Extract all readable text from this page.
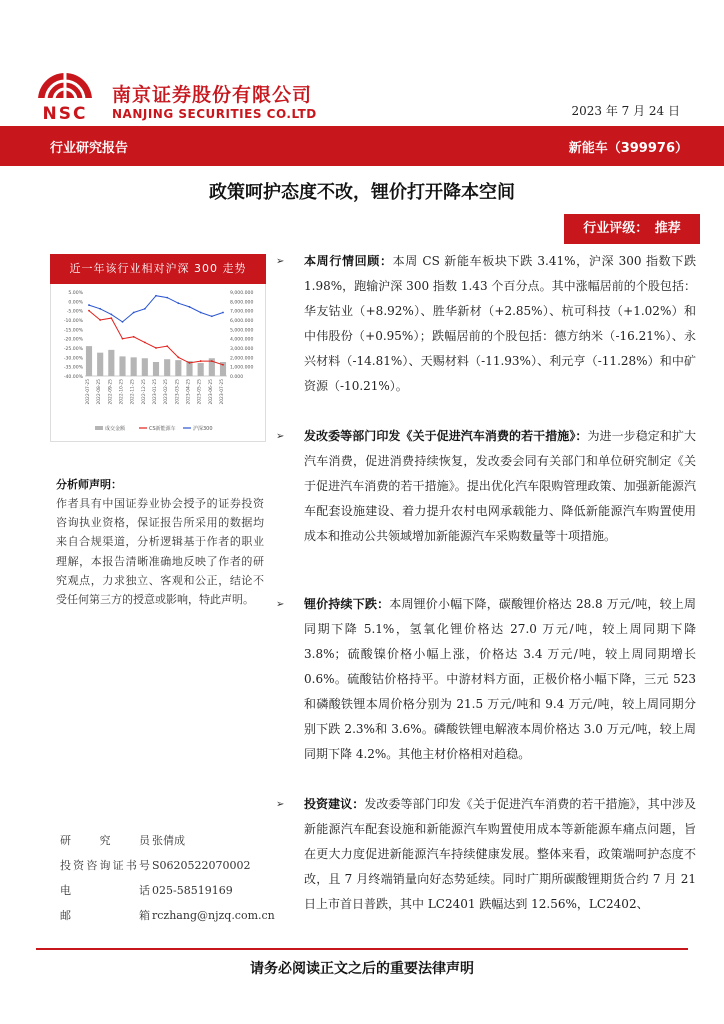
NSC
南京证券股份有限公司
NANJING SECURITIES CO.LTD	2023 年 7 月 24 日
行业研究报告	新能车（399976）
政策呵护态度不改，锂价打开降本空间
行业评级：　推荐
近一年该行业相对沪深 300 走势
5.00%
0.00%
-5.00%
-10.00%
-15.00%
-20.00%
-25.00%
-30.00%
-35.00%
-40.00%
9,000.000
8,000.000
7,000.000
6,000.000
5,000.000
4,000.000
3,000.000
2,000.000
1,000.000
0.000
2022-07-25 2022-08-25 2022-09-25 2022-10-25 2022-11-25 2022-12-25 2023-01-25 2023-02-25 2023-03-25 2023-04-25 2023-05-25 2023-06-25 2023-07-25
成交金额	CS新能源车	沪深300
分析师声明：
作者具有中国证券业协会授予的证券投资咨询执业资格，保证报告所采用的数据均来自合规渠道，分析逻辑基于作者的职业理解，本报告清晰准确地反映了作者的研究观点，力求独立、客观和公正，结论不受任何第三方的授意或影响，特此声明。
研　究　员 张倩成
投资咨询证书号 S0620522070002
电　　话 025-58519169
邮　　箱 rczhang@njzq.com.cn
➢	本周行情回顾：本周 CS 新能车板块下跌 3.41%，沪深 300 指数下跌 1.98%，跑输沪深 300 指数 1.43 个百分点。其中涨幅居前的个股包括：华友钴业（+8.92%）、胜华新材（+2.85%）、杭可科技（+1.02%）和中伟股份（+0.95%）；跌幅居前的个股包括：德方纳米（-16.21%）、永兴材料（-14.81%）、天赐材料（-11.93%）、利元亨（-11.28%）和中矿资源（-10.21%）。
➢	发改委等部门印发《关于促进汽车消费的若干措施》：为进一步稳定和扩大汽车消费，促进消费持续恢复，发改委会同有关部门和单位研究制定《关于促进汽车消费的若干措施》。提出优化汽车限购管理政策、加强新能源汽车配套设施建设、着力提升农村电网承载能力、降低新能源汽车购置使用成本和推动公共领域增加新能源汽车采购数量等十项措施。
➢	锂价持续下跌：本周锂价小幅下降，碳酸锂价格达 28.8 万元/吨，较上周同期下降 5.1%，氢氧化锂价格达 27.0 万元/吨，较上周同期下降 3.8%；硫酸镍价格小幅上涨，价格达 3.4 万元/吨，较上周同期增长 0.6%。硫酸钴价格持平。中游材料方面，正极价格小幅下降，三元 523 和磷酸铁锂本周价格分别为 21.5 万元/吨和 9.4 万元/吨，较上周同期分别下跌 2.3%和 3.6%。磷酸铁锂电解液本周价格达 3.0 万元/吨，较上周同期下降 4.2%。其他主材价格相对趋稳。
➢	投资建议：发改委等部门印发《关于促进汽车消费的若干措施》，其中涉及新能源汽车配套设施和新能源汽车购置使用成本等新能源车痛点问题，旨在更大力度促进新能源汽车持续健康发展。整体来看，政策端呵护态度不改，且 7 月终端销量向好态势延续。同时广期所碳酸锂期货合约 7 月 21 日上市首日普跌，其中 LC2401 跌幅达到 12.56%，LC2402、
请务必阅读正文之后的重要法律声明
